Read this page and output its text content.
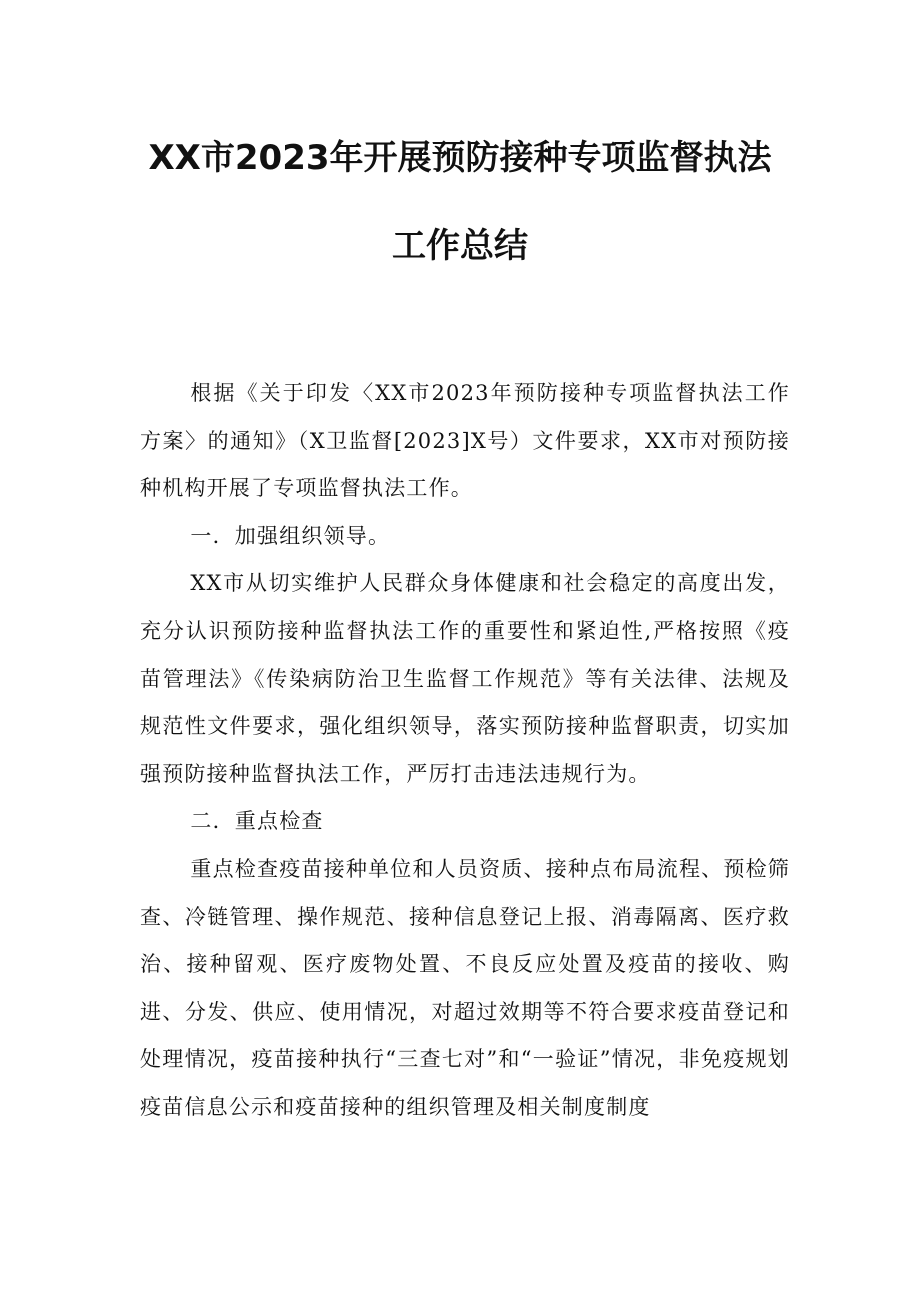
XX市2023年开展预防接种专项监督执法
工作总结

根据《关于印发〈XX市2023年预防接种专项监督执法工作方案〉的通知》（X卫监督[2023]X号）文件要求，XX市对预防接种机构开展了专项监督执法工作。

一．加强组织领导。

XX市从切实维护人民群众身体健康和社会稳定的高度出发，充分认识预防接种监督执法工作的重要性和紧迫性,严格按照《疫苗管理法》《传染病防治卫生监督工作规范》等有关法律、法规及规范性文件要求，强化组织领导，落实预防接种监督职责，切实加强预防接种监督执法工作，严厉打击违法违规行为。

二．重点检查

重点检查疫苗接种单位和人员资质、接种点布局流程、预检筛查、冷链管理、操作规范、接种信息登记上报、消毒隔离、医疗救治、接种留观、医疗废物处置、不良反应处置及疫苗的接收、购进、分发、供应、使用情况，对超过效期等不符合要求疫苗登记和处理情况，疫苗接种执行“三查七对”和“一验证”情况，非免疫规划疫苗信息公示和疫苗接种的组织管理及相关制度制度
